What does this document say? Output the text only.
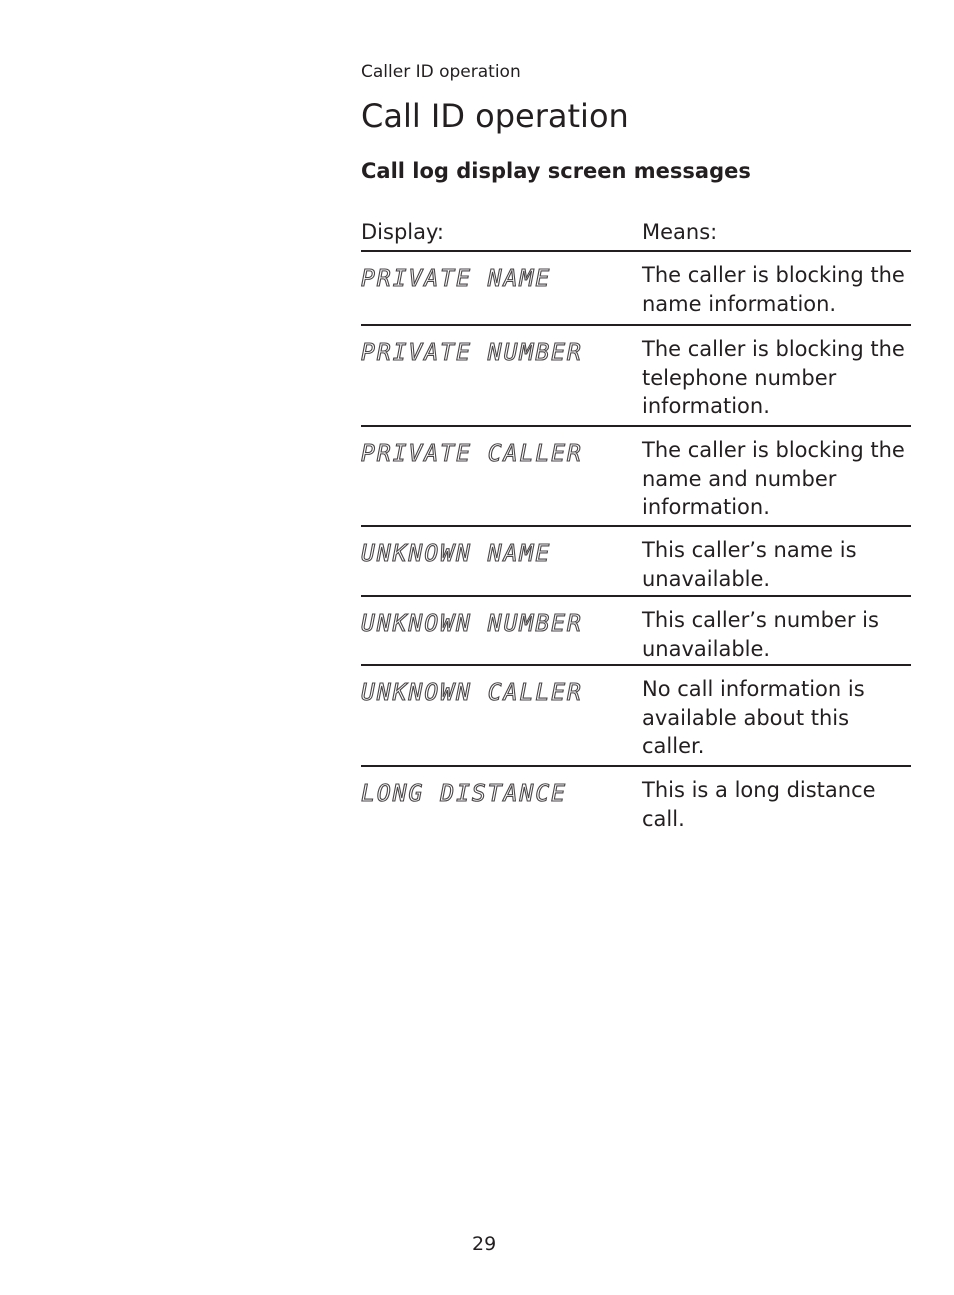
Caller ID operation
Call ID operation
Call log display screen messages
Display:	Means:
PRIVATE NAME	The caller is blocking the name information.
PRIVATE NUMBER	The caller is blocking the telephone number information.
PRIVATE CALLER	The caller is blocking the name and number information.
UNKNOWN NAME	This caller’s name is unavailable.
UNKNOWN NUMBER	This caller’s number is unavailable.
UNKNOWN CALLER	No call information is available about this caller.
LONG DISTANCE	This is a long distance call.
29
